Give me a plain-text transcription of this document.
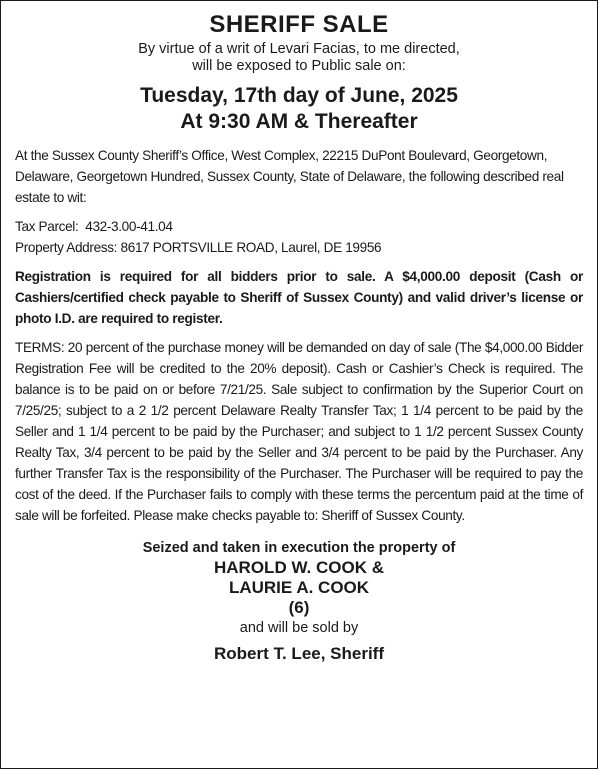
SHERIFF SALE
By virtue of a writ of Levari Facias, to me directed,
will be exposed to Public sale on:
Tuesday, 17th day of June, 2025
At 9:30 AM & Thereafter
At the Sussex County Sheriff’s Office, West Complex, 22215 DuPont Boulevard, Georgetown, Delaware, Georgetown Hundred, Sussex County, State of Delaware, the following described real estate to wit:
Tax Parcel:  432-3.00-41.04
Property Address: 8617 PORTSVILLE ROAD, Laurel, DE 19956
Registration is required for all bidders prior to sale. A $4,000.00 deposit (Cash or Cashiers/certified check payable to Sheriff of Sussex County) and valid driver’s license or photo I.D. are required to register.
TERMS: 20 percent of the purchase money will be demanded on day of sale (The $4,000.00 Bidder Registration Fee will be credited to the 20% deposit). Cash or Cashier’s Check is required. The balance is to be paid on or before 7/21/25. Sale subject to confirmation by the Superior Court on 7/25/25; subject to a 2 1/2 percent Delaware Realty Transfer Tax; 1 1/4 percent to be paid by the Seller and 1 1/4 percent to be paid by the Purchaser; and subject to 1 1/2 percent Sussex County Realty Tax, 3/4 percent to be paid by the Seller and 3/4 percent to be paid by the Purchaser. Any further Transfer Tax is the responsibility of the Purchaser. The Purchaser will be required to pay the cost of the deed. If the Purchaser fails to comply with these terms the percentum paid at the time of sale will be forfeited. Please make checks payable to: Sheriff of Sussex County.
Seized and taken in execution the property of
HAROLD W. COOK &
LAURIE A. COOK
(6)
and will be sold by
Robert T. Lee, Sheriff
